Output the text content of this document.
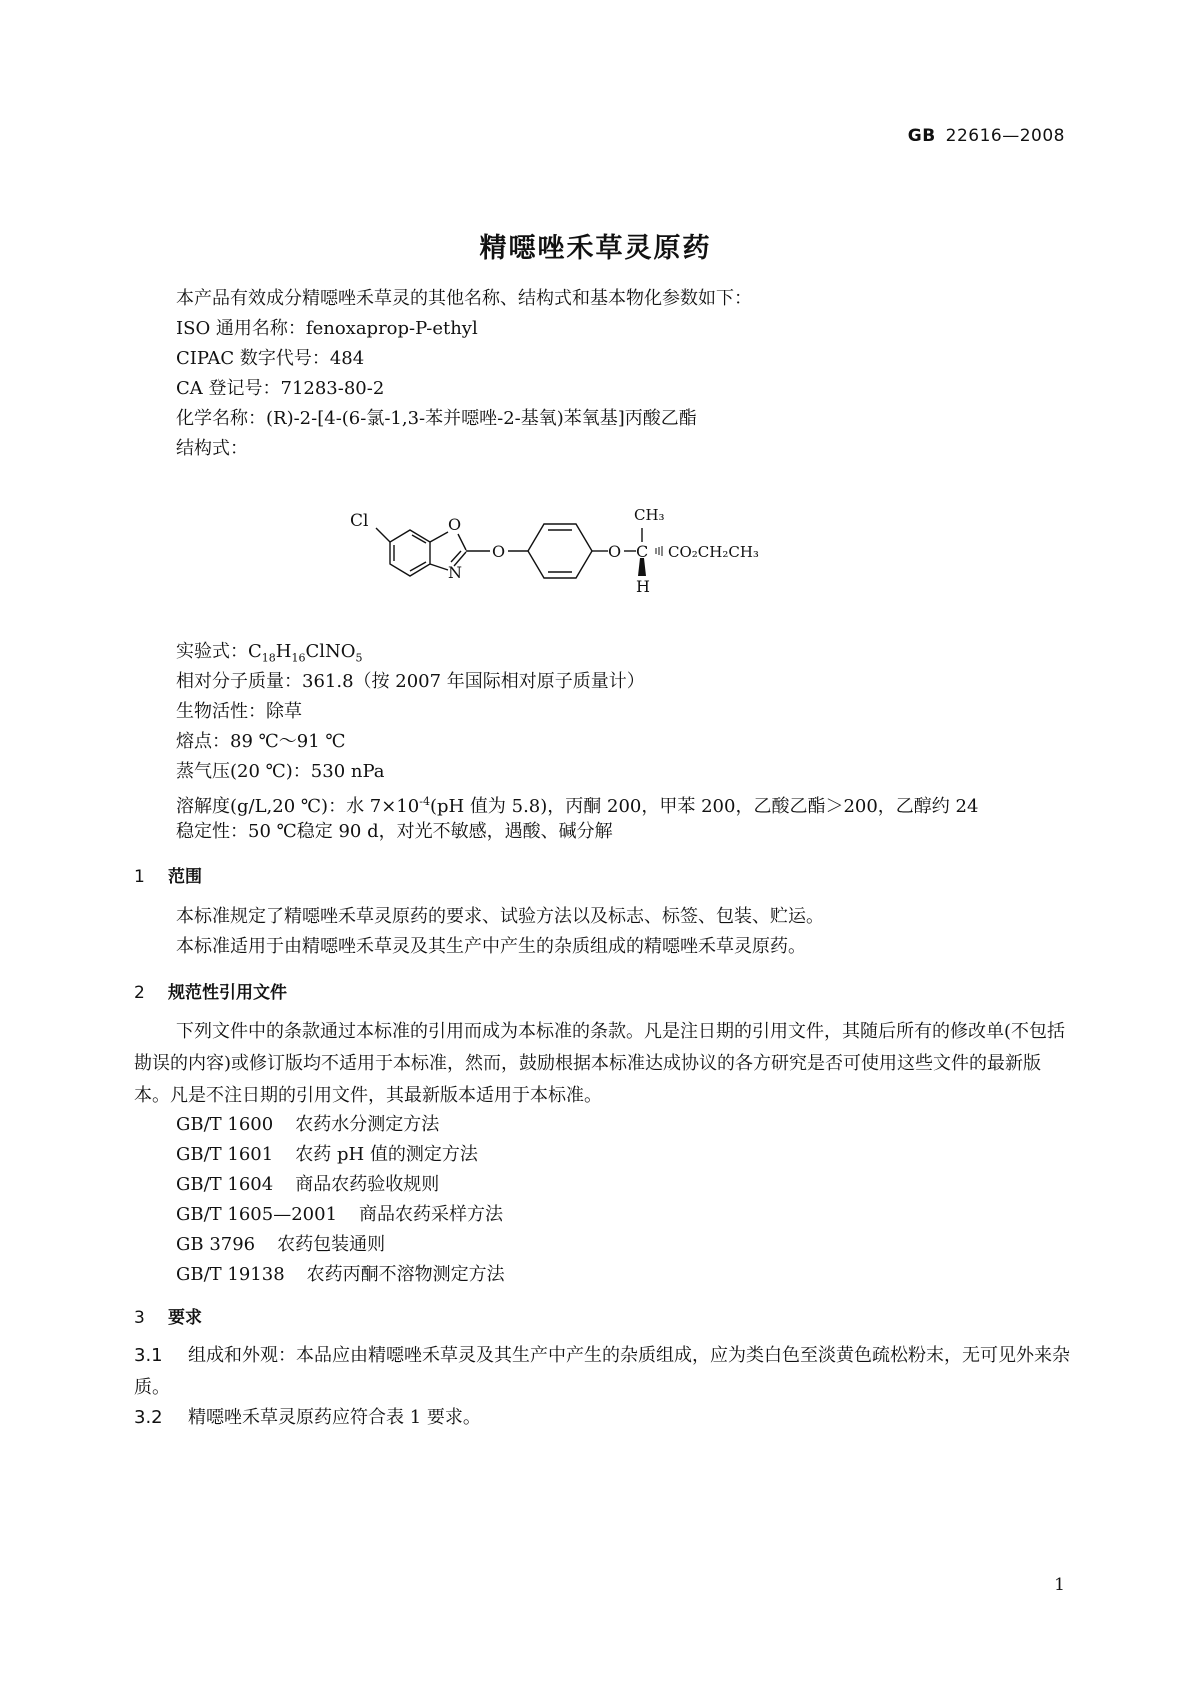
GB 22616—2008
精噁唑禾草灵原药
本产品有效成分精噁唑禾草灵的其他名称、结构式和基本物化参数如下：
ISO 通用名称：fenoxaprop-P-ethyl
CIPAC 数字代号：484
CA 登记号：71283-80-2
化学名称：(R)-2-[4-(6-氯-1,3-苯并噁唑-2-基氧)苯氧基]丙酸乙酯
结构式：
Cl	O
N
O	O C
CH₃
H
CO₂CH₂CH₃
实验式：$C_{18}H_{16}ClNO_5$
相对分子质量：361.8（按 2007 年国际相对原子质量计）
生物活性：除草
熔点：89 ℃～91 ℃
蒸气压(20 ℃)：530 nPa
溶解度(g/L,20 ℃)：水 $7\times 10^{-4}(pH$ 值为 5.8)，丙酮 200，甲苯 200，乙酸乙酯＞200，乙醇约 24
稳定性：50 ℃稳定 90 d，对光不敏感，遇酸、碱分解
1 范围
本标准规定了精噁唑禾草灵原药的要求、试验方法以及标志、标签、包装、贮运。
本标准适用于由精噁唑禾草灵及其生产中产生的杂质组成的精噁唑禾草灵原药。
2 规范性引用文件
下列文件中的条款通过本标准的引用而成为本标准的条款。凡是注日期的引用文件，其随后所有的修改单(不包括勘误的内容)或修订版均不适用于本标准，然而，鼓励根据本标准达成协议的各方研究是否可使用这些文件的最新版本。凡是不注日期的引用文件，其最新版本适用于本标准。
GB/T 1600 农药水分测定方法
GB/T 1601 农药 pH 值的测定方法
GB/T 1604 商品农药验收规则
GB/T 1605—2001 商品农药采样方法
GB 3796 农药包装通则
GB/T 19138 农药丙酮不溶物测定方法
3 要求
3.1 组成和外观：本品应由精噁唑禾草灵及其生产中产生的杂质组成，应为类白色至淡黄色疏松粉末，无可见外来杂质。
3.2 精噁唑禾草灵原药应符合表 1 要求。
1
